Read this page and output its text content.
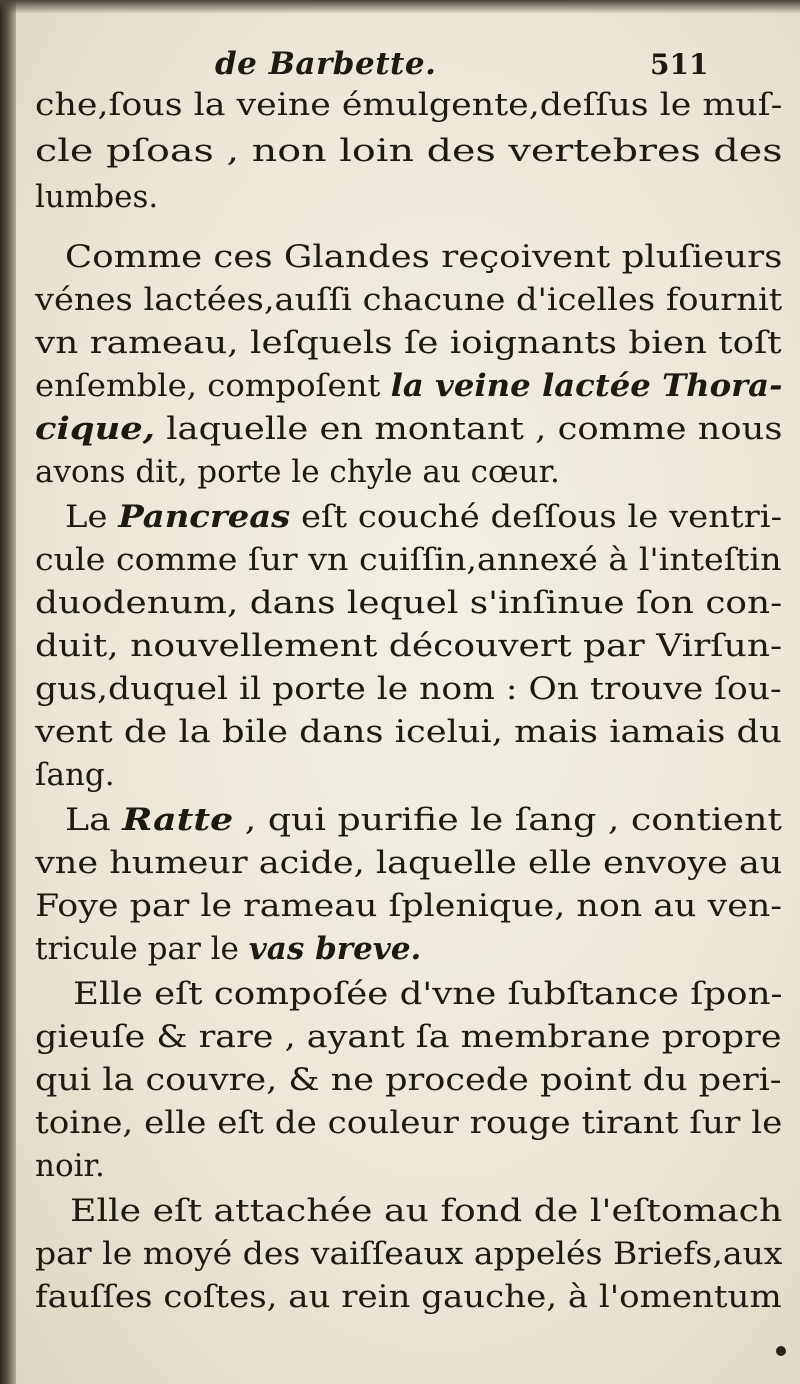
de Barbette.	511
che,ſous la veine émulgente,deſſus le muſ-
cle pſoas , non loin des vertebres des
lumbes.
Comme ces Glandes reçoivent pluſieurs
vénes lactées,auſſi chacune d'icelles fournit
vn rameau, leſquels ſe ioignants bien toſt
enſemble, compoſent la veine lactée Thora-
cique, laquelle en montant , comme nous
avons dit, porte le chyle au cœur.
Le Pancreas eſt couché deſſous le ventri-
cule comme ſur vn cuiſſin,annexé à l'inteſtin
duodenum, dans lequel s'inſinue ſon con-
duit, nouvellement découvert par Virſun-
gus,duquel il porte le nom : On trouve ſou-
vent de la bile dans icelui, mais iamais du
ſang.
La Ratte , qui purifie le ſang , contient
vne humeur acide, laquelle elle envoye au
Foye par le rameau ſplenique, non au ven-
tricule par le vas breve.
Elle eſt compoſée d'vne ſubſtance ſpon-
gieuſe & rare , ayant ſa membrane propre
qui la couvre, & ne procede point du peri-
toine, elle eſt de couleur rouge tirant ſur le
noir.
Elle eſt attachée au fond de l'eſtomach
par le moyé des vaiſſeaux appelés Briefs,aux
fauſſes coſtes, au rein gauche, à l'omentum
